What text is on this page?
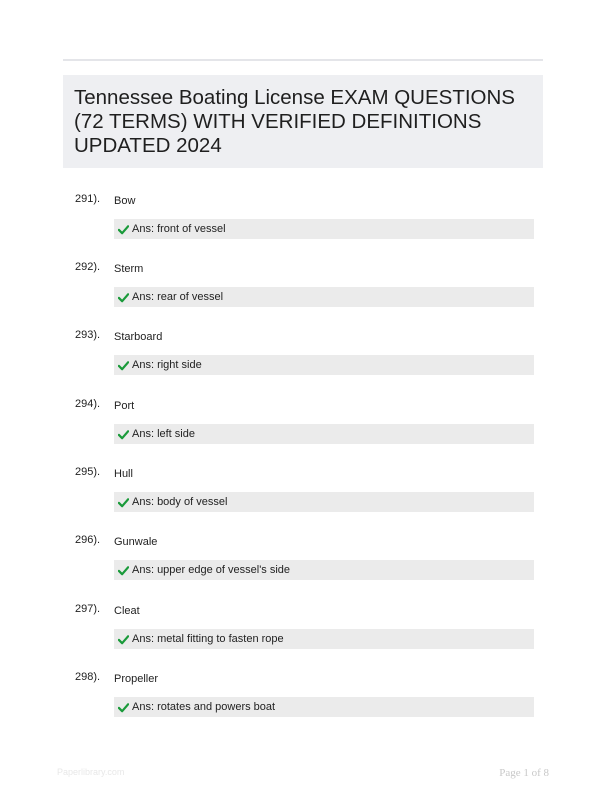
Tennessee Boating License EXAM QUESTIONS (72 TERMS) WITH VERIFIED DEFINITIONS UPDATED 2024
291). Bow
Ans: front of vessel
292). Sterm
Ans: rear of vessel
293). Starboard
Ans: right side
294). Port
Ans: left side
295). Hull
Ans: body of vessel
296). Gunwale
Ans: upper edge of vessel's side
297). Cleat
Ans: metal fitting to fasten rope
298). Propeller
Ans: rotates and powers boat
Paperlibrary.com	Page 1 of 8
